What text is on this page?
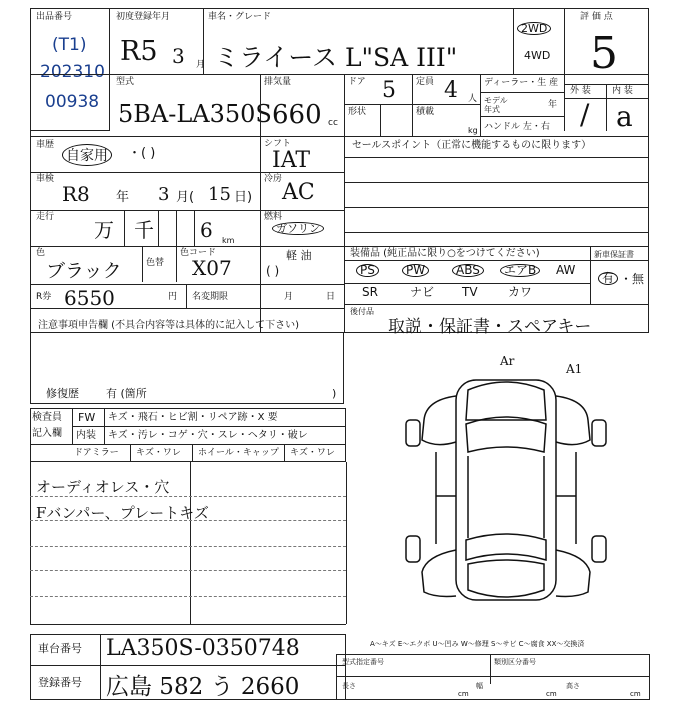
出品番号
(T1)
202310
00938
初度登録年月
R5 3 月
車名・グレード
ミライース L"SA III"
2WD
4WD
評 価 点
5
外 装 内 装
/ a
型式
5BA-LA350S
排気量
660 cc
ドア 5 定員 4 人
ディーラー・生 産
モデル 年式	年
ハンドル 左・右
形状	積載
kg
車歴
自家用	・( )
シフト
IAT
セールスポイント（正常に機能するものに限ります）
車検
R8 年 3 月( 15 日)
冷房
AC
走行
万 千 6 km
燃料
ガソリン
色
ブラック	色替
色コード
X07
軽 油
( )
R券 6550	円 名変期限	月	日
装備品 (純正品に限り○をつけてください)	新車保証書
PS	PW	ABS	エアB	AW
有 ・無
SR	ナビ TV	カワ
後付品
取説・保証書・スペアキー
注意事項申告欄 (不具合内容等は具体的に記入して下さい)
修復歴 有 (箇所	)
検査員
記入欄
FW キズ・飛石・ヒビ割・リペア跡・X 要
内装 キズ・汚レ・コゲ・穴・スレ・ヘタリ・破レ
ドアミラー キズ・ワレ ホイール・キャップ キズ・ワレ
オーディオレス・穴
Fバンパー、プレートキズ
Ar
A1
A〜キズ E〜エクボ U〜凹み W〜修理 S〜サビ C〜腐食 XX〜交換済
車台番号 LA350S-0350748
登録番号 広島 582 う 2660
型式指定番号	類別区分番号
長さ
cm
幅
cm
高さ
cm
